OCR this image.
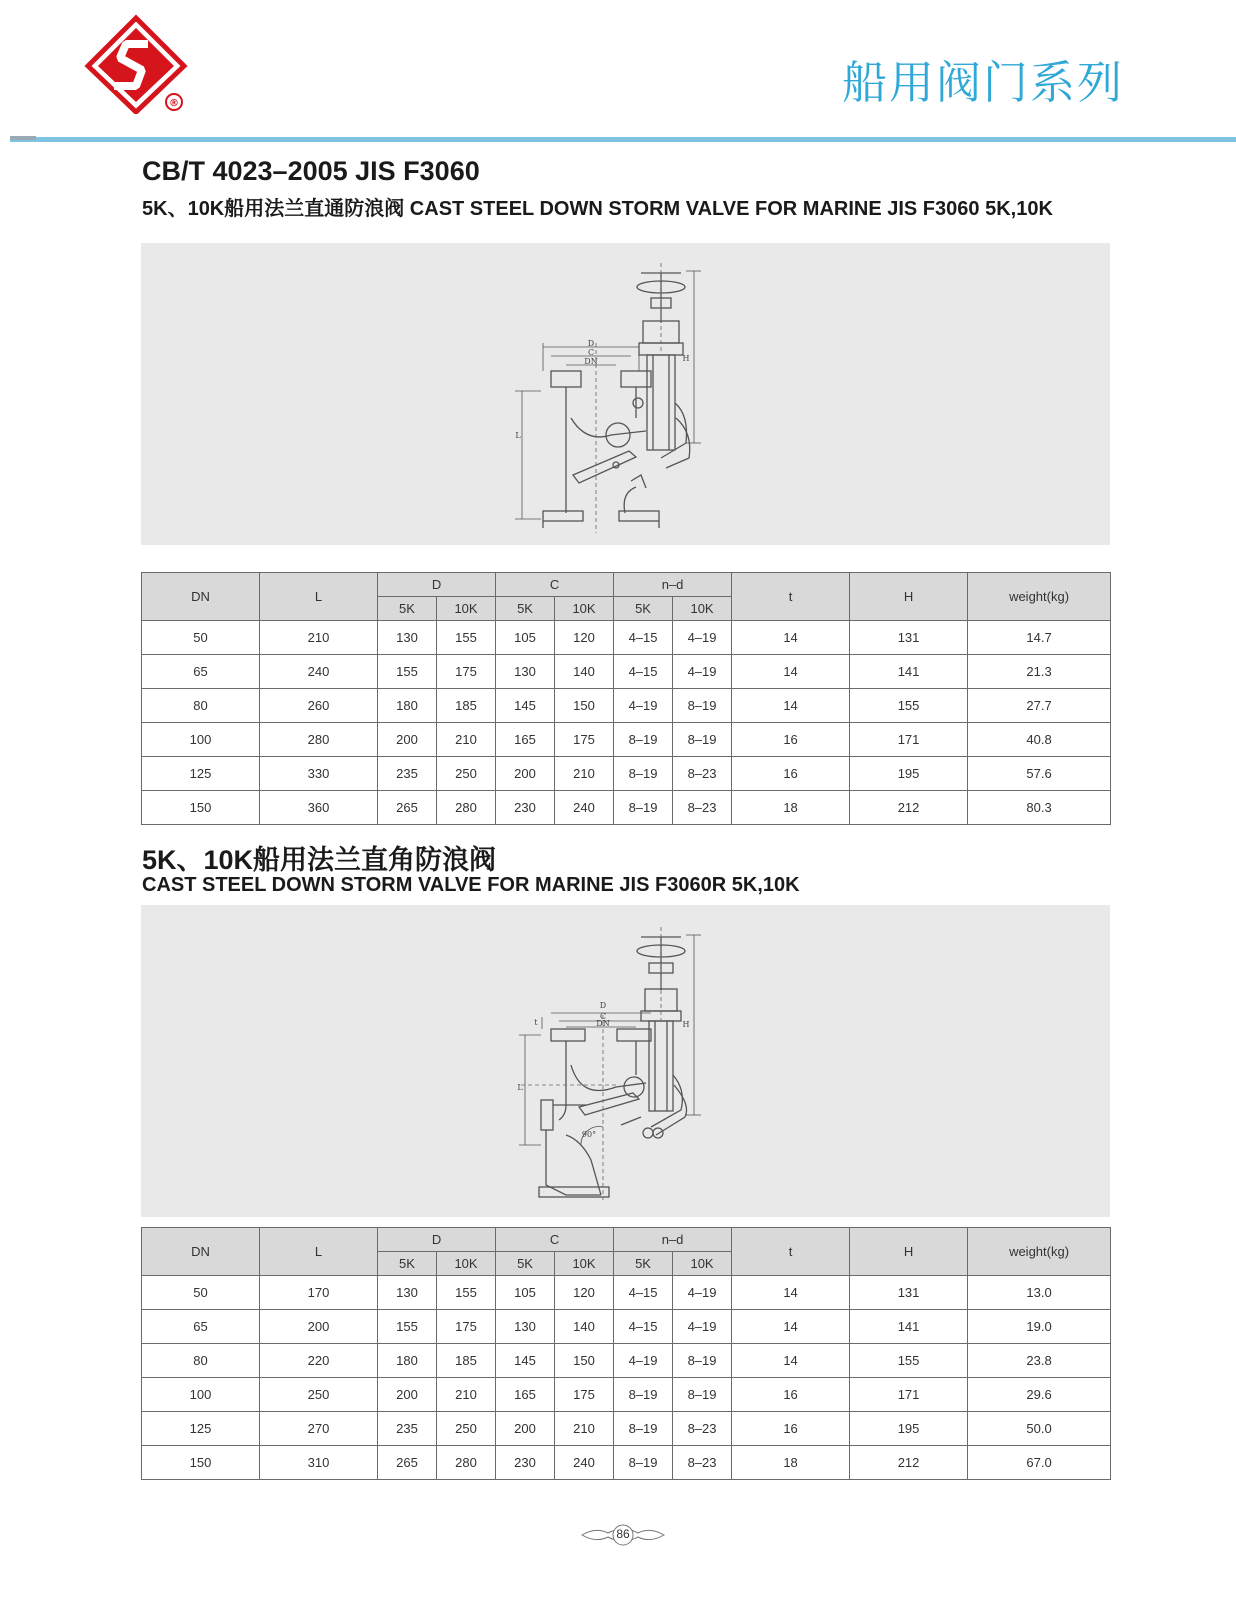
®	船用阀门系列
CB/T 4023–2005 JIS F3060
5K、10K船用法兰直通防浪阀 CAST STEEL DOWN STORM VALVE FOR MARINE JIS F3060 5K,10K
D
C
DN	H
L
DN	L	D		C		n–d		t	H	weight(kg)
		5K	10K	5K	10K	5K	10K			
50	210	130	155	105	120	4–15	4–19	14	131	14.7
65	240	155	175	130	140	4–15	4–19	14	141	21.3
80	260	180	185	145	150	4–19	8–19	14	155	27.7
100	280	200	210	165	175	8–19	8–19	16	171	40.8
125	330	235	250	200	210	8–19	8–23	16	195	57.6
150	360	265	280	230	240	8–19	8–23	18	212	80.3
5K、10K船用法兰直角防浪阀
CAST STEEL DOWN STORM VALVE FOR MARINE JIS F3060R 5K,10K
D
C
DN	H
L
t
90°
DN	L	D		C		n–d		t	H	weight(kg)
		5K	10K	5K	10K	5K	10K			
50	170	130	155	105	120	4–15	4–19	14	131	13.0
65	200	155	175	130	140	4–15	4–19	14	141	19.0
80	220	180	185	145	150	4–19	8–19	14	155	23.8
100	250	200	210	165	175	8–19	8–19	16	171	29.6
125	270	235	250	200	210	8–19	8–23	16	195	50.0
150	310	265	280	230	240	8–19	8–23	18	212	67.0
86
